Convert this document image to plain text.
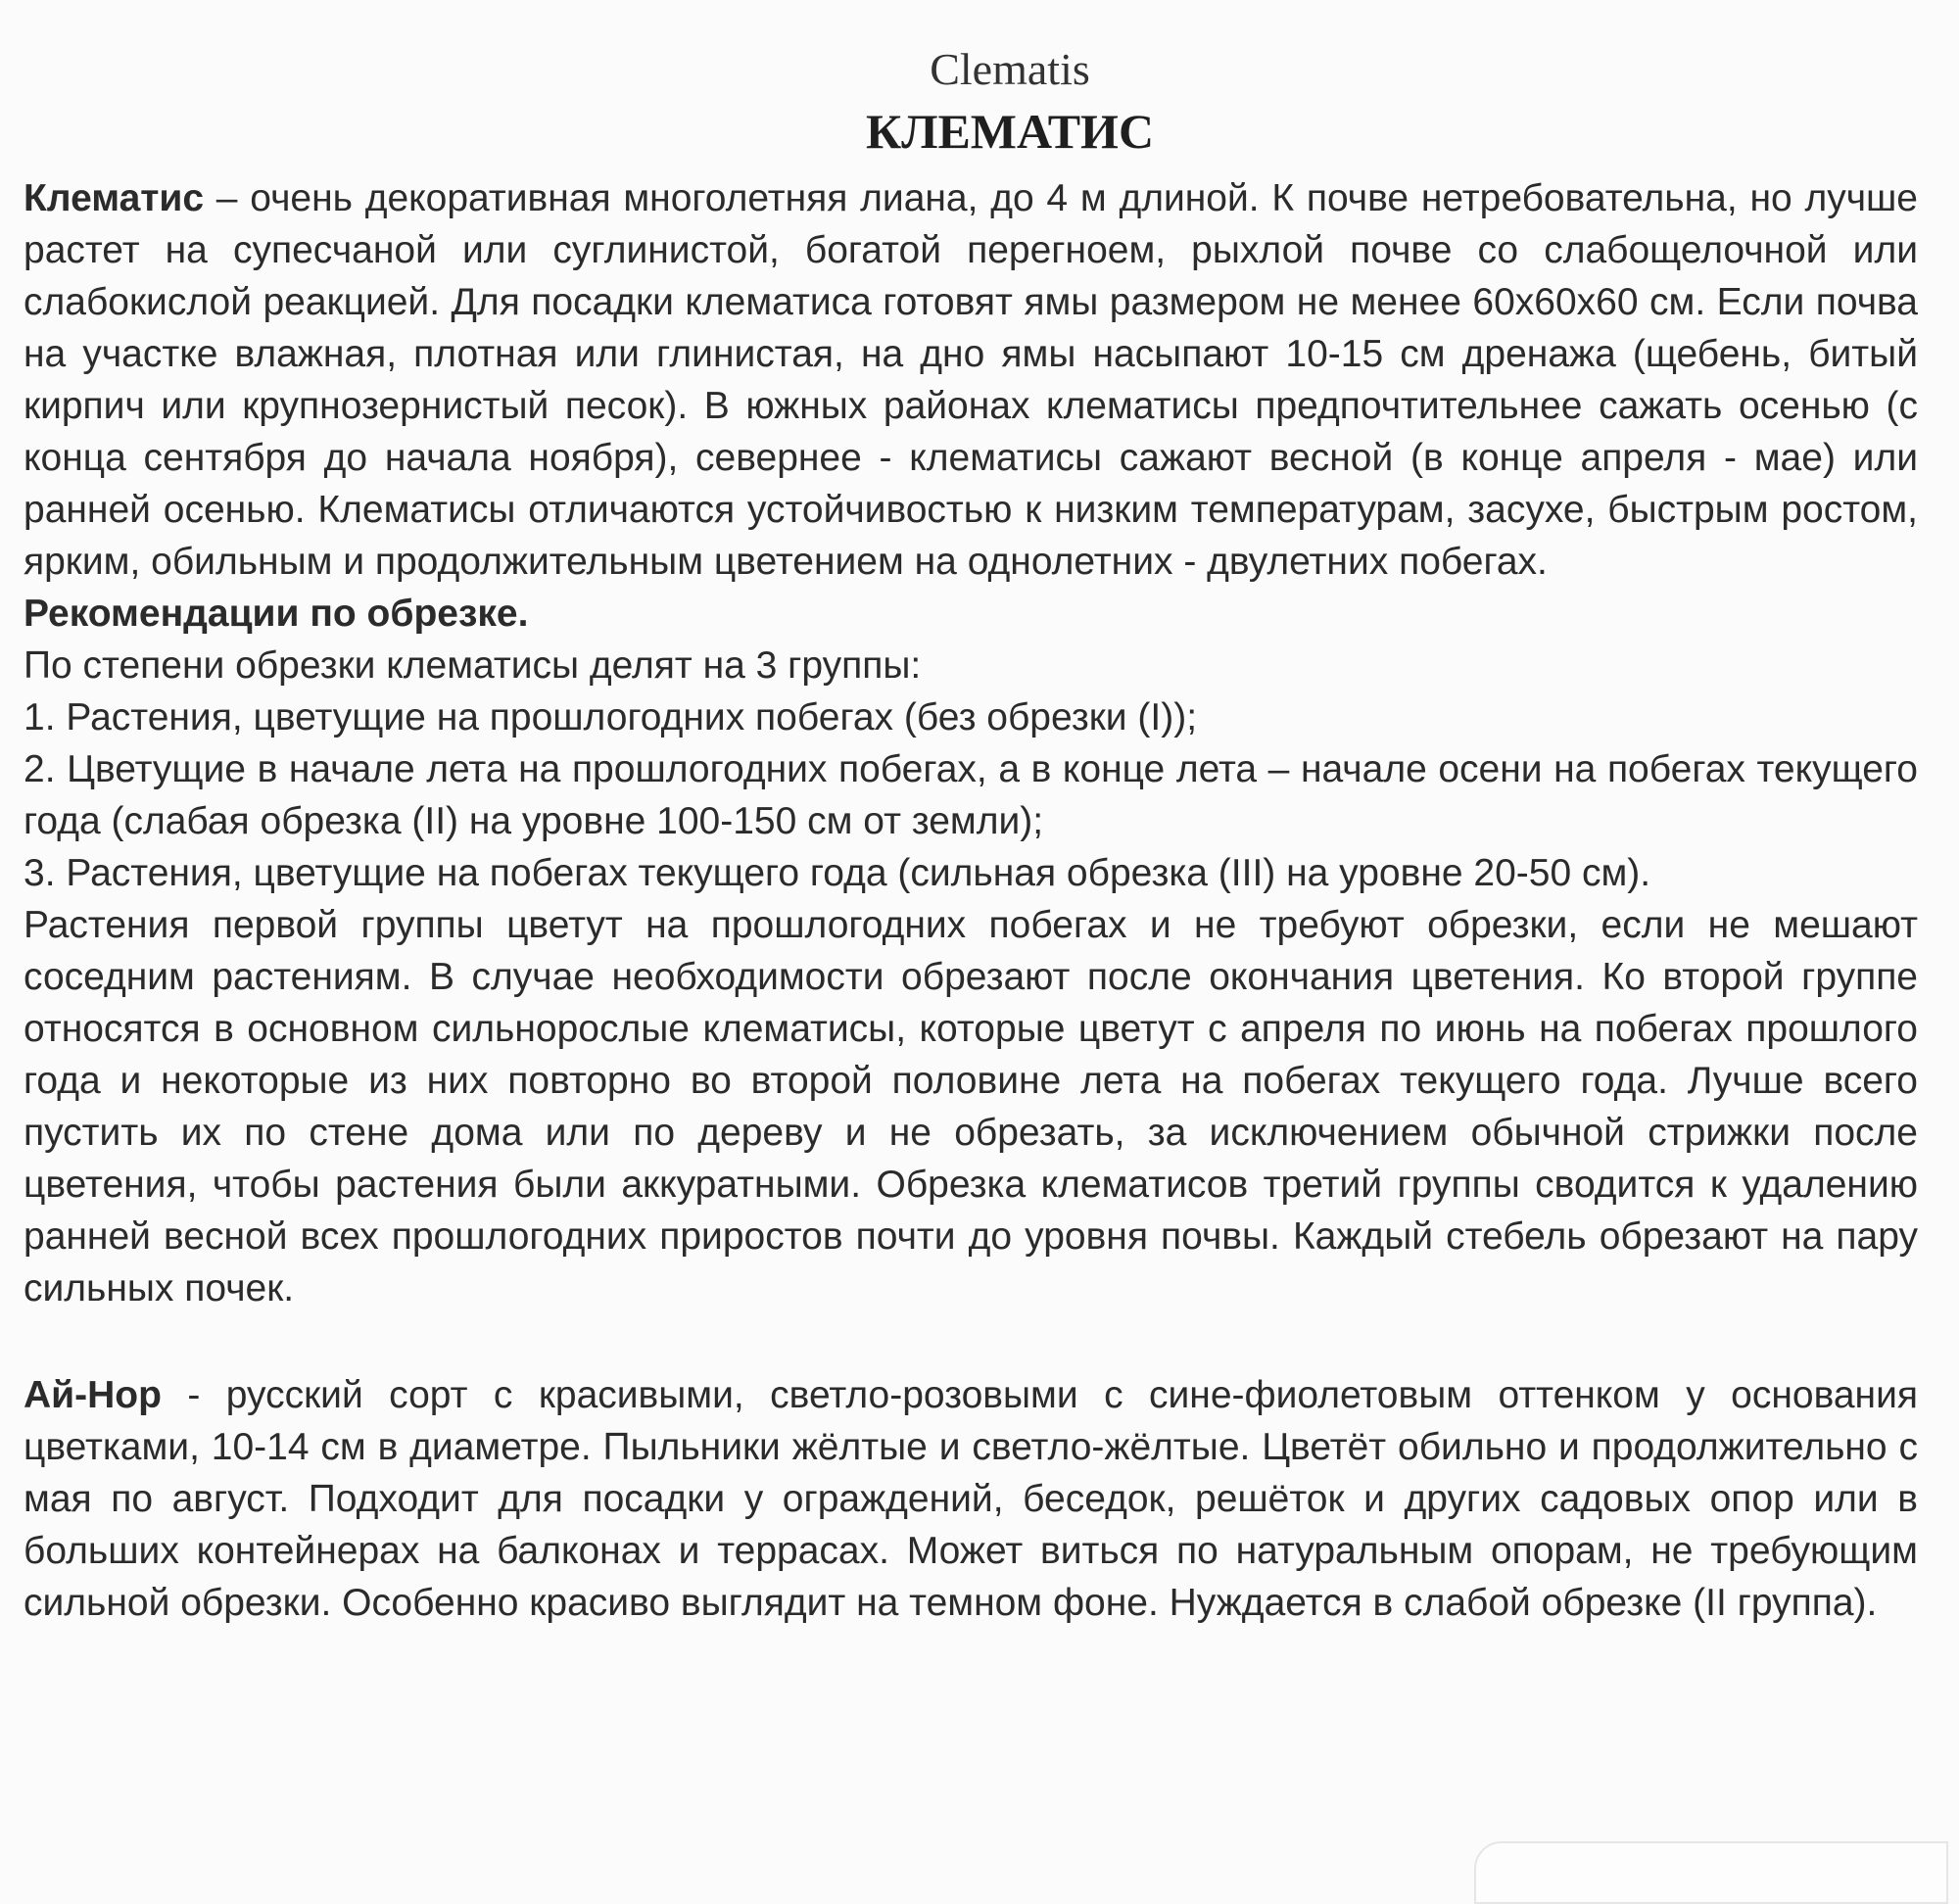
Clematis
КЛЕМАТИС

Клематис – очень декоративная многолетняя лиана, до 4 м длиной. К почве нетребовательна, но лучше растет на супесчаной или суглинистой, богатой перегноем, рыхлой почве со слабощелочной или слабокислой реакцией. Для посадки клематиса готовят ямы размером не менее 60х60х60 см. Если почва на участке влажная, плотная или глинистая, на дно ямы насыпают 10-15 см дренажа (щебень, битый кирпич или крупнозернистый песок). В южных районах клематисы предпочтительнее сажать осенью (с конца сентября до начала ноября), севернее - клематисы сажают весной (в конце апреля - мае) или ранней осенью. Клематисы отличаются устойчивостью к низким температурам, засухе, быстрым ростом, ярким, обильным и продолжительным цветением на однолетних - двулетних побегах.

Рекомендации по обрезке.

По степени обрезки клематисы делят на 3 группы:

1. Растения, цветущие на прошлогодних побегах (без обрезки (I));

2. Цветущие в начале лета на прошлогодних побегах, а в конце лета – начале осени на побегах текущего года (слабая обрезка (II) на уровне 100-150 см от земли);

3. Растения, цветущие на побегах текущего года (сильная обрезка (III) на уровне 20-50 см).

Растения первой группы цветут на прошлогодних побегах и не требуют обрезки, если не мешают соседним растениям. В случае необходимости обрезают после окончания цветения. Ко второй группе относятся в основном сильнорослые клематисы, которые цветут с апреля по июнь на побегах прошлого года и некоторые из них повторно во второй половине лета на побегах текущего года. Лучше всего пустить их по стене дома или по дереву и не обрезать, за исключением обычной стрижки после цветения, чтобы растения были аккуратными. Обрезка клематисов третий группы сводится к удалению ранней весной всех прошлогодних приростов почти до уровня почвы. Каждый стебель обрезают на пару сильных почек.

Ай-Нор - русский сорт с красивыми, светло-розовыми с сине-фиолетовым оттенком у основания цветками, 10-14 см в диаметре. Пыльники жёлтые и светло-жёлтые. Цветёт обильно и продолжительно с мая по август. Подходит для посадки у ограждений, беседок, решёток и других садовых опор или в больших контейнерах на балконах и террасах. Может виться по натуральным опорам, не требующим сильной обрезки. Особенно красиво выглядит на темном фоне. Нуждается в слабой обрезке (II группа).
